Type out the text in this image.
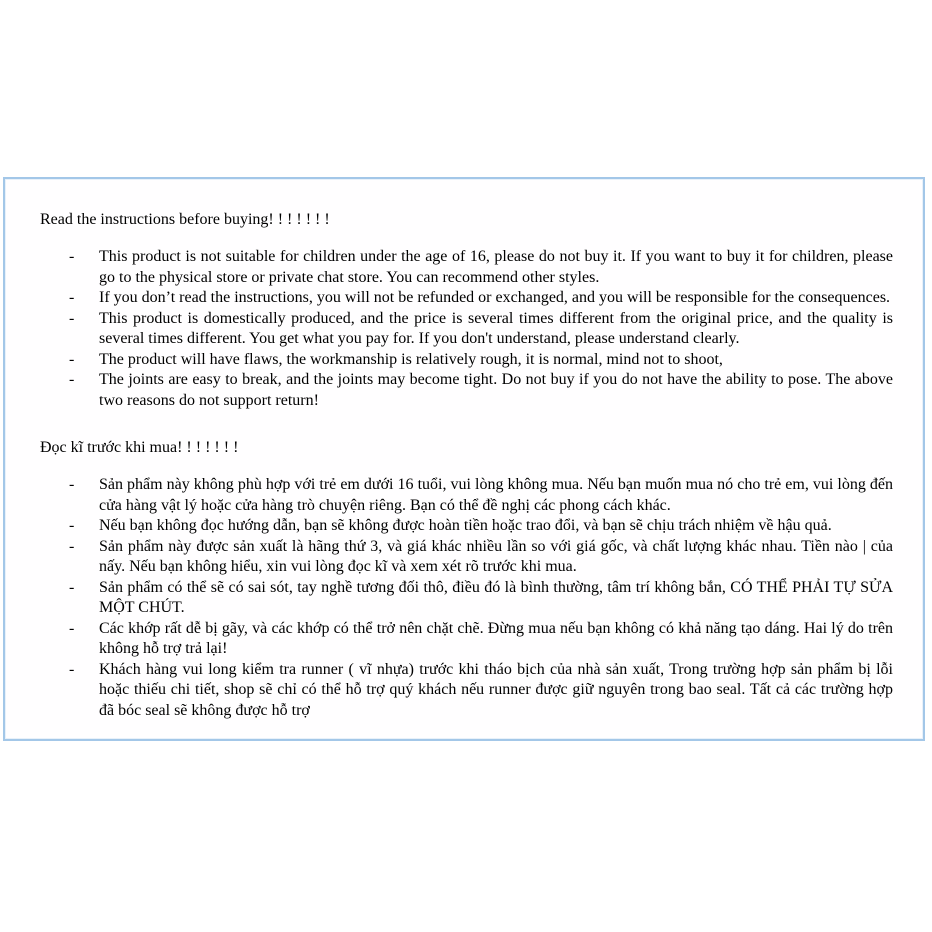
Read the instructions before buying! ! ! ! ! ! !

- This product is not suitable for children under the age of 16, please do not buy it. If you want to buy it for children, please go to the physical store or private chat store. You can recommend other styles.
- If you don’t read the instructions, you will not be refunded or exchanged, and you will be responsible for the consequences.
- This product is domestically produced, and the price is several times different from the original price, and the quality is several times different. You get what you pay for. If you don't understand, please understand clearly.
- The product will have flaws, the workmanship is relatively rough, it is normal, mind not to shoot,
- The joints are easy to break, and the joints may become tight. Do not buy if you do not have the ability to pose. The above two reasons do not support return!

Đọc kĩ trước khi mua! ! ! ! ! ! !

- Sản phẩm này không phù hợp với trẻ em dưới 16 tuổi, vui lòng không mua. Nếu bạn muốn mua nó cho trẻ em, vui lòng đến cửa hàng vật lý hoặc cửa hàng trò chuyện riêng. Bạn có thể đề nghị các phong cách khác.
- Nếu bạn không đọc hướng dẫn, bạn sẽ không được hoàn tiền hoặc trao đổi, và bạn sẽ chịu trách nhiệm về hậu quả.
- Sản phẩm này được sản xuất là hãng thứ 3, và giá khác nhiều lần so với giá gốc, và chất lượng khác nhau. Tiền nào | của nấy. Nếu bạn không hiểu, xin vui lòng đọc kĩ và xem xét rõ trước khi mua.
- Sản phẩm có thể sẽ có sai sót, tay nghề tương đối thô, điều đó là bình thường, tâm trí không bắn, CÓ THỂ PHẢI TỰ SỬA MỘT CHÚT.
- Các khớp rất dễ bị gãy, và các khớp có thể trở nên chặt chẽ. Đừng mua nếu bạn không có khả năng tạo dáng. Hai lý do trên không hỗ trợ trả lại!
- Khách hàng vui long kiểm tra runner ( vĩ nhựa) trước khi tháo bịch của nhà sản xuất, Trong trường hợp sản phẩm bị lỗi hoặc thiếu chi tiết, shop sẽ chỉ có thể hỗ trợ quý khách nếu runner được giữ nguyên trong bao seal. Tất cả các trường hợp đã bóc seal sẽ không được hỗ trợ
